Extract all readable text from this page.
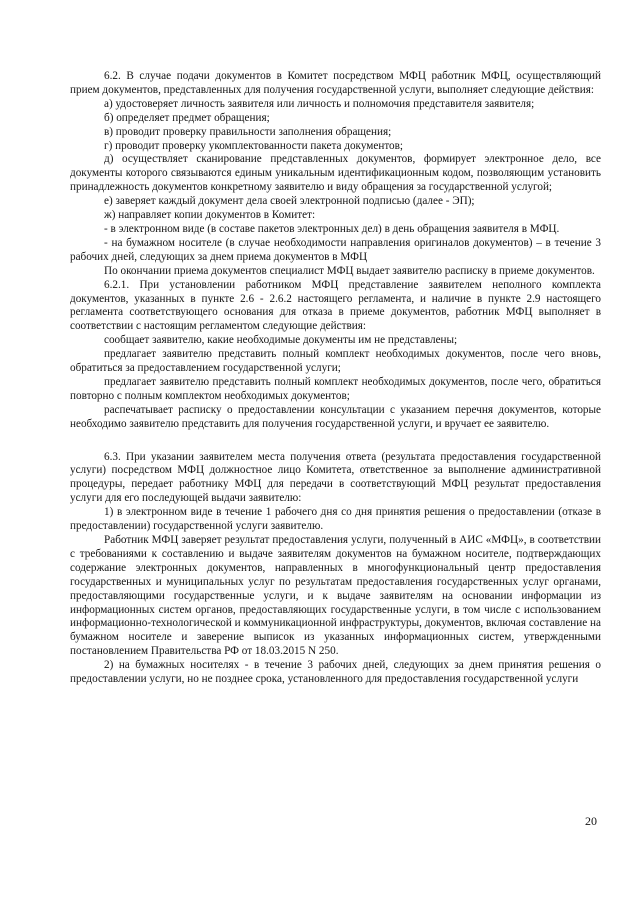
6.2. В случае подачи документов в Комитет посредством МФЦ работник МФЦ, осуществляющий прием документов, представленных для получения государственной услуги, выполняет следующие действия:

а) удостоверяет личность заявителя или личность и полномочия представителя заявителя;

б) определяет предмет обращения;

в) проводит проверку правильности заполнения обращения;

г) проводит проверку укомплектованности пакета документов;

д) осуществляет сканирование представленных документов, формирует электронное дело, все документы которого связываются единым уникальным идентификационным кодом, позволяющим установить принадлежность документов конкретному заявителю и виду обращения за государственной услугой;

е) заверяет каждый документ дела своей электронной подписью (далее - ЭП);

ж) направляет копии документов в Комитет:

- в электронном виде (в составе пакетов электронных дел) в день обращения заявителя в МФЦ.

- на бумажном носителе (в случае необходимости направления оригиналов документов) – в течение 3 рабочих дней, следующих за днем приема документов в МФЦ

По окончании приема документов специалист МФЦ выдает заявителю расписку в приеме документов.

6.2.1. При установлении работником МФЦ представление заявителем неполного комплекта документов, указанных в пункте 2.6 - 2.6.2 настоящего регламента, и наличие в пункте 2.9 настоящего регламента соответствующего основания для отказа в приеме документов, работник МФЦ выполняет в соответствии с настоящим регламентом следующие действия:

сообщает заявителю, какие необходимые документы им не представлены;

предлагает заявителю представить полный комплект необходимых документов, после чего вновь, обратиться за предоставлением государственной услуги;

предлагает заявителю представить полный комплект необходимых документов, после чего, обратиться повторно с полным комплектом необходимых документов;

распечатывает расписку о предоставлении консультации с указанием перечня документов, которые необходимо заявителю представить для получения государственной услуги, и вручает ее заявителю.

6.3. При указании заявителем места получения ответа (результата предоставления государственной услуги) посредством МФЦ должностное лицо Комитета, ответственное за выполнение административной процедуры, передает работнику МФЦ для передачи в соответствующий МФЦ результат предоставления услуги для его последующей выдачи заявителю:

1) в электронном виде в течение 1 рабочего дня со дня принятия решения о предоставлении (отказе в предоставлении) государственной услуги заявителю.

Работник МФЦ заверяет результат предоставления услуги, полученный в АИС «МФЦ», в соответствии с требованиями к составлению и выдаче заявителям документов на бумажном носителе, подтверждающих содержание электронных документов, направленных в многофункциональный центр предоставления государственных и муниципальных услуг по результатам предоставления государственных услуг органами, предоставляющими государственные услуги, и к выдаче заявителям на основании информации из информационных систем органов, предоставляющих государственные услуги, в том числе с использованием информационно-технологической и коммуникационной инфраструктуры, документов, включая составление на бумажном носителе и заверение выписок из указанных информационных систем, утвержденными постановлением Правительства РФ от 18.03.2015 N 250.

2) на бумажных носителях - в течение 3 рабочих дней, следующих за днем принятия решения о предоставлении услуги, но не позднее срока, установленного для предоставления государственной услуги

20
